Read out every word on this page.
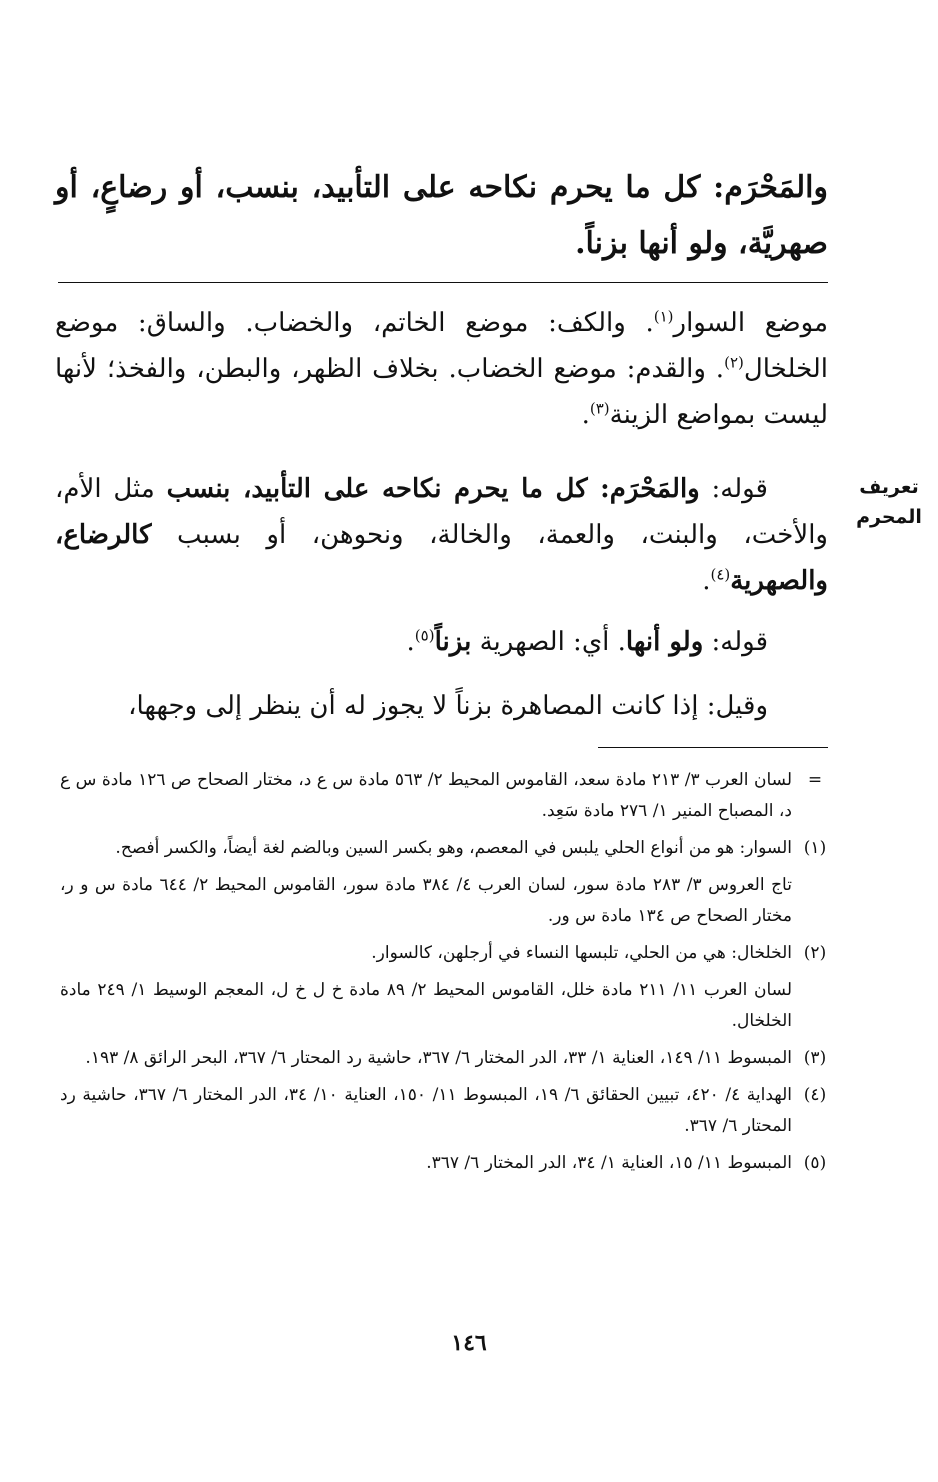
والمَحْرَم: كل ما يحرم نكاحه على التأبيد، بنسب، أو رضاعٍ، أو صهريَّة، ولو أنها بزناً.
موضع السوار$^{(١)}$. والكف: موضع الخاتم، والخضاب. والساق: موضع الخلخال$^{(٢)}$. والقدم: موضع الخضاب. بخلاف الظهر، والبطن، والفخذ؛ لأنها ليست بمواضع الزينة$^{(٣)}$.
تعريف
المحرم
قوله: والمَحْرَم: كل ما يحرم نكاحه على التأبيد، بنسب مثل الأم، والأخت، والبنت، والعمة، والخالة، ونحوهن، أو بسبب كالرضاع، والصهرية$^{(٤)}$.
قوله: ولو أنها. أي: الصهرية بزناً$^{(٥)}$.
وقيل: إذا كانت المصاهرة بزناً لا يجوز له أن ينظر إلى وجهها،
=
لسان العرب ٣/ ٢١٣ مادة سعد، القاموس المحيط ٢/ ٥٦٣ مادة س ع د، مختار الصحاح ص ١٢٦ مادة س ع د، المصباح المنير ١/ ٢٧٦ مادة سَعِد.
(١)
السوار: هو من أنواع الحلي يلبس في المعصم، وهو بكسر السين وبالضم لغة أيضاً، والكسر أفصح.
تاج العروس ٣/ ٢٨٣ مادة سور، لسان العرب ٤/ ٣٨٤ مادة سور، القاموس المحيط ٢/ ٦٤٤ مادة س و ر، مختار الصحاح ص ١٣٤ مادة س ور.
(٢)
الخلخال: هي من الحلي، تلبسها النساء في أرجلهن، كالسوار.
لسان العرب ١١/ ٢١١ مادة خلل، القاموس المحيط ٢/ ٨٩ مادة خ ل خ ل، المعجم الوسيط ١/ ٢٤٩ مادة الخلخال.
(٣)
المبسوط ١١/ ١٤٩، العناية ١/ ٣٣، الدر المختار ٦/ ٣٦٧، حاشية رد المحتار ٦/ ٣٦٧، البحر الرائق ٨/ ١٩٣.
(٤)
الهداية ٤/ ٤٢٠، تبيين الحقائق ٦/ ١٩، المبسوط ١١/ ١٥٠، العناية ١٠/ ٣٤، الدر المختار ٦/ ٣٦٧، حاشية رد المحتار ٦/ ٣٦٧.
(٥)
المبسوط ١١/ ١٥، العناية ١/ ٣٤، الدر المختار ٦/ ٣٦٧.
١٤٦
